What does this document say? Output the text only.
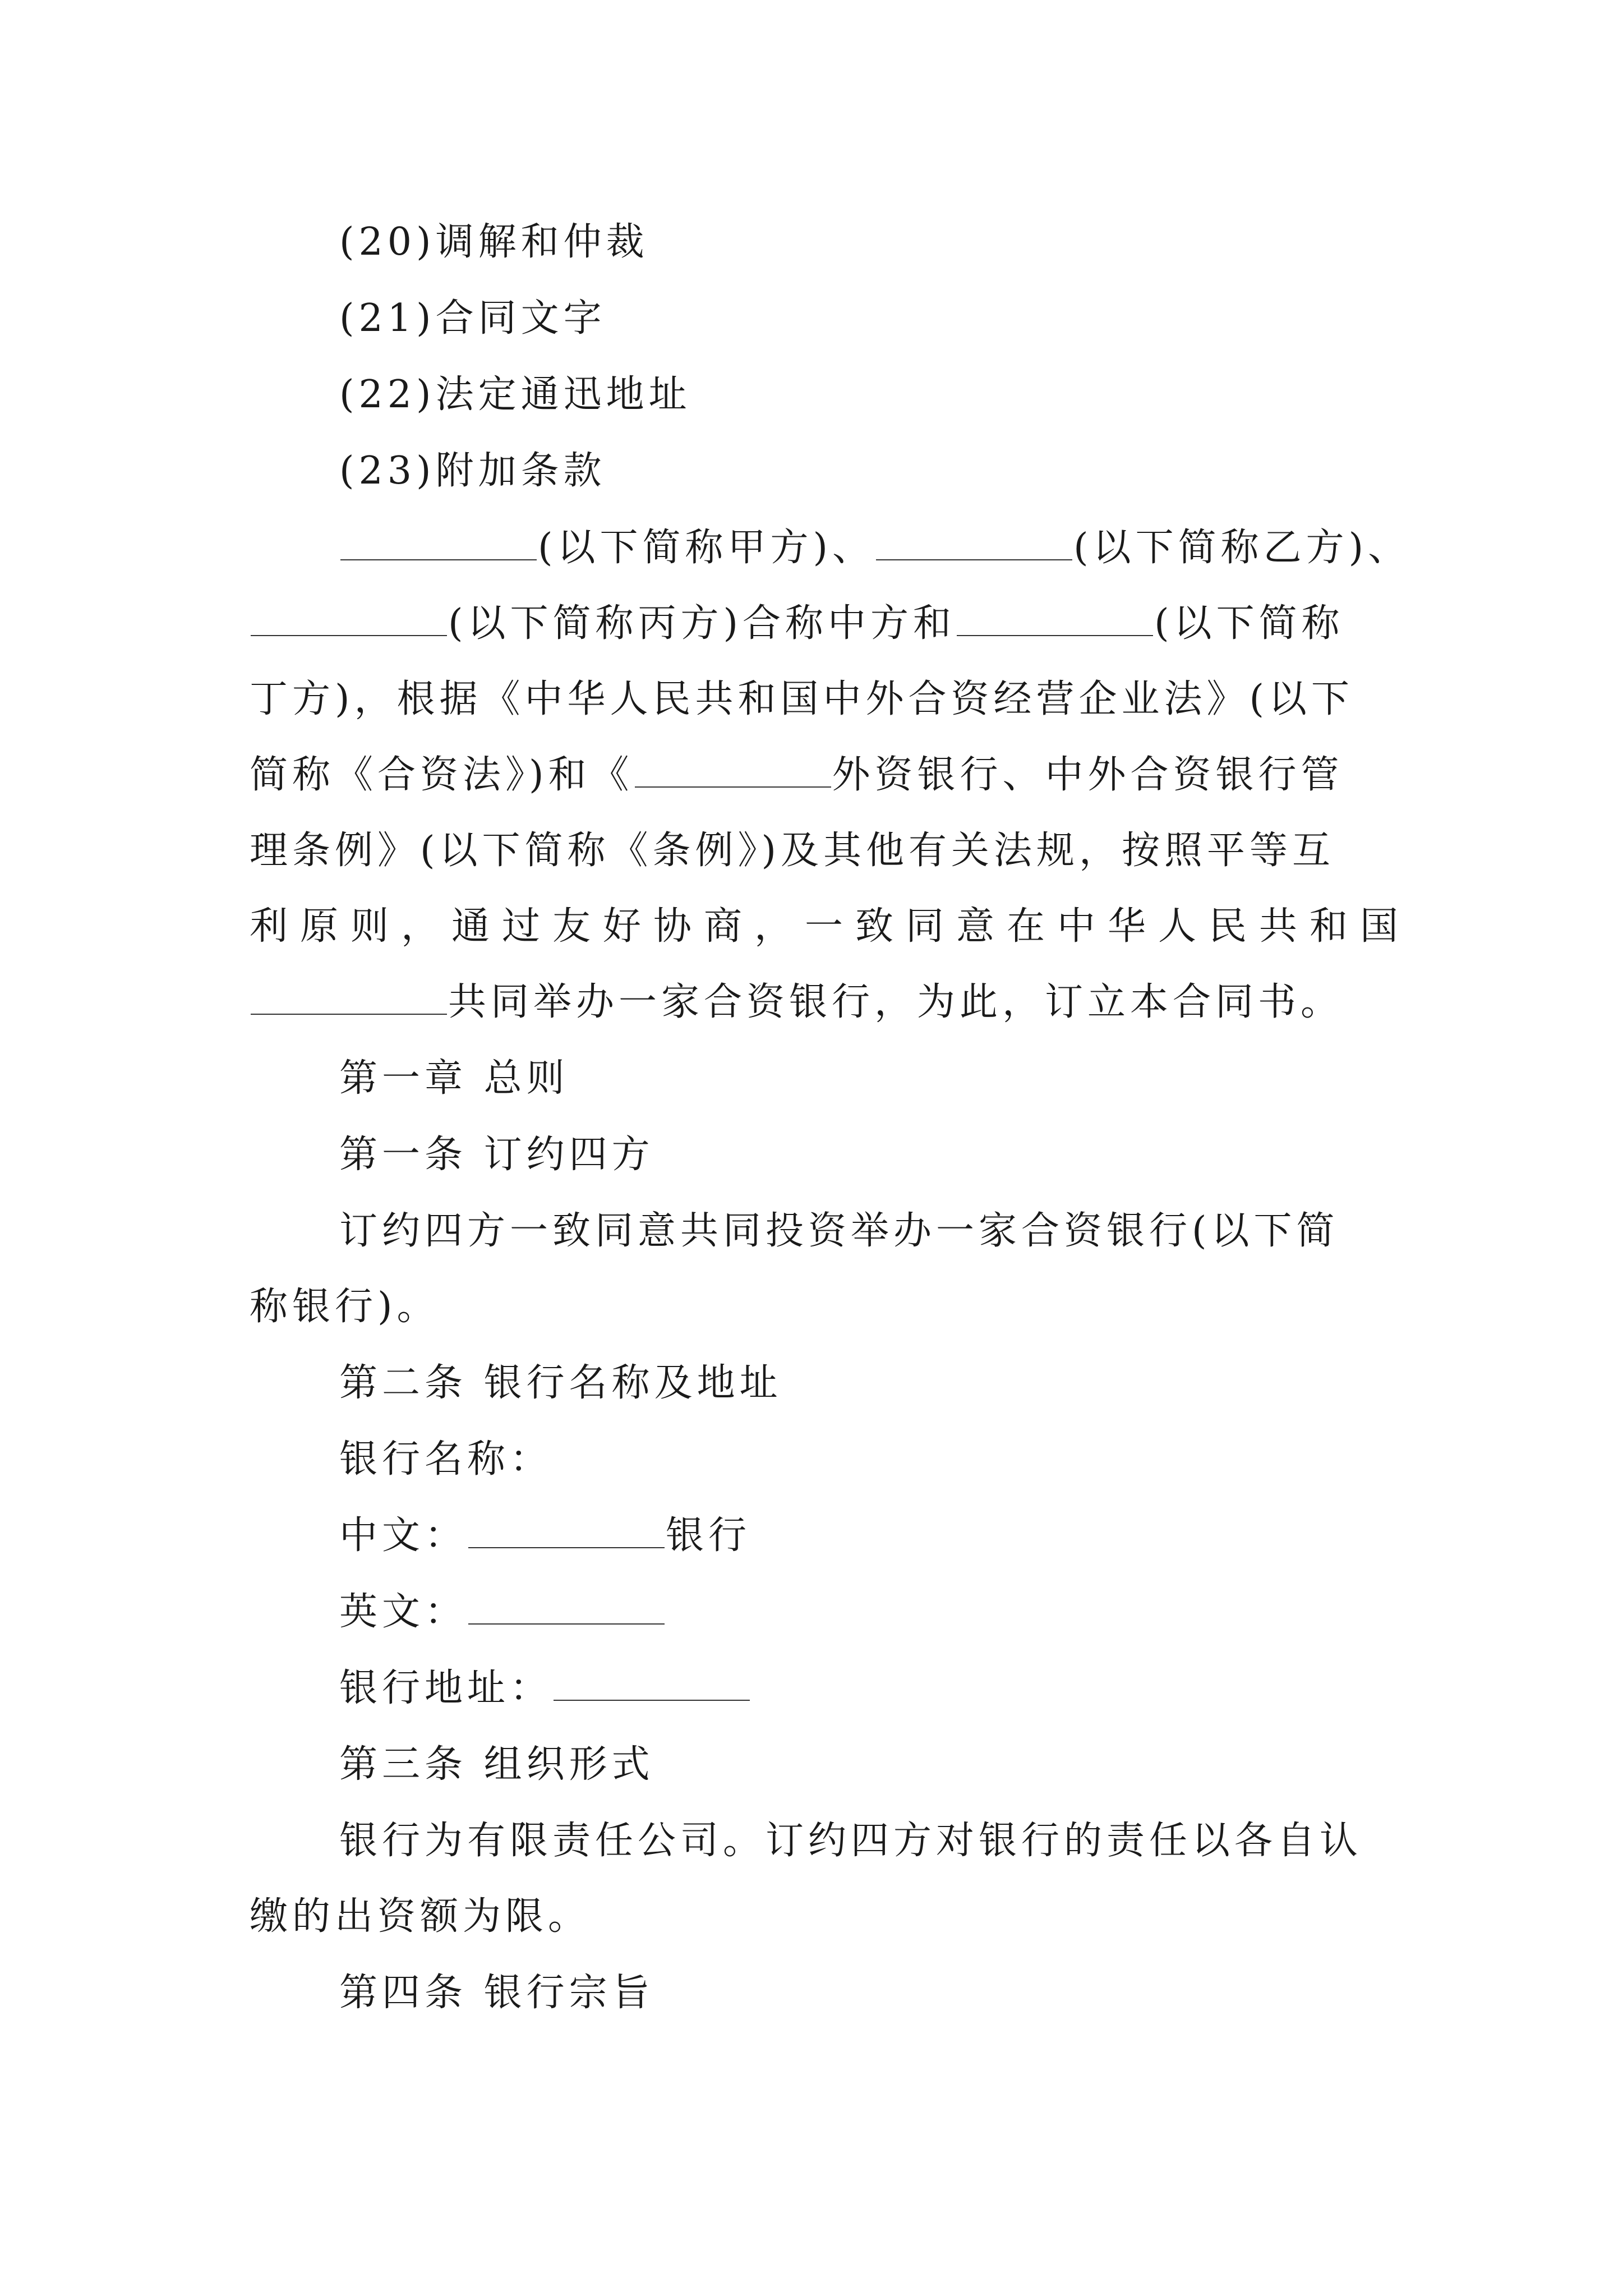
(20)调解和仲裁
(21)合同文字
(22)法定通迅地址
(23)附加条款
(以下简称甲方)、	(以下简称乙方)、
(以下简称丙方)合称中方和	(以下简称
丁方)，根据《中华人民共和国中外合资经营企业法》(以下
简称《合资法》)和《	外资银行、中外合资银行管
理条例》(以下简称《条例》)及其他有关法规，按照平等互
利原则，通过友好协商，一致同意在中华人民共和国
共同举办一家合资银行，为此，订立本合同书。
第一章 总则
第一条 订约四方
订约四方一致同意共同投资举办一家合资银行(以下简
称银行)。
第二条 银行名称及地址
银行名称：
中文：	银行
英文：
银行地址：
第三条 组织形式
银行为有限责任公司。订约四方对银行的责任以各自认
缴的出资额为限。
第四条 银行宗旨
